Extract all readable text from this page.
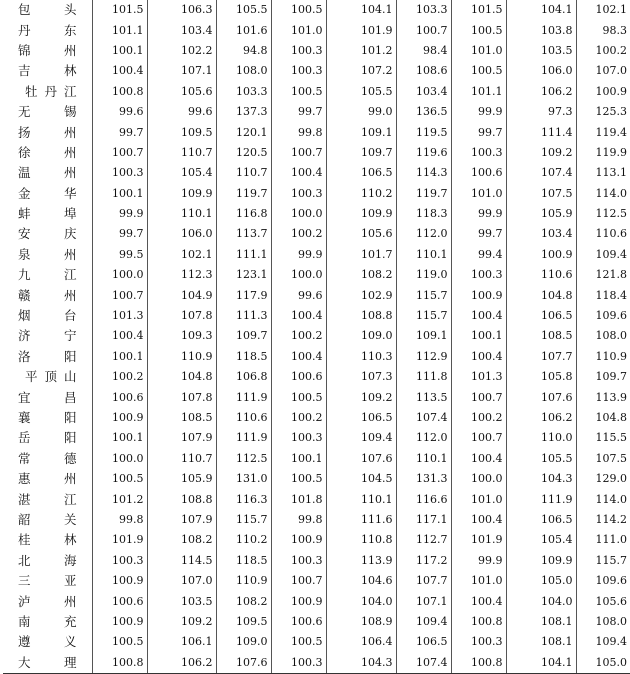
包 头	101.5	106.3	105.5	100.5	104.1	103.3	101.5	104.1	102.1

丹 东	101.1	103.4	101.6	101.0	101.9	100.7	100.5	103.8	98.3

锦 州	100.1	102.2	94.8	100.3	101.2	98.4	101.0	103.5	100.2

吉 林	100.4	107.1	108.0	100.3	107.2	108.6	100.5	106.0	107.0

牡 丹 江	100.8	105.6	103.3	100.5	105.5	103.4	101.1	106.2	100.9

无 锡	99.6	99.6	137.3	99.7	99.0	136.5	99.9	97.3	125.3

扬 州	99.7	109.5	120.1	99.8	109.1	119.5	99.7	111.4	119.4

徐 州	100.7	110.7	120.5	100.7	109.7	119.6	100.3	109.2	119.9

温 州	100.3	105.4	110.7	100.4	106.5	114.3	100.6	107.4	113.1

金 华	100.1	109.9	119.7	100.3	110.2	119.7	101.0	107.5	114.0

蚌 埠	99.9	110.1	116.8	100.0	109.9	118.3	99.9	105.9	112.5

安 庆	99.7	106.0	113.7	100.2	105.6	112.0	99.7	103.4	110.6

泉 州	99.5	102.1	111.1	99.9	101.7	110.1	99.4	100.9	109.4

九 江	100.0	112.3	123.1	100.0	108.2	119.0	100.3	110.6	121.8

赣 州	100.7	104.9	117.9	99.6	102.9	115.7	100.9	104.8	118.4

烟 台	101.3	107.8	111.3	100.4	108.8	115.7	100.4	106.5	109.6

济 宁	100.4	109.3	109.7	100.2	109.0	109.1	100.1	108.5	108.0

洛 阳	100.1	110.9	118.5	100.4	110.3	112.9	100.4	107.7	110.9

平 顶 山	100.2	104.8	106.8	100.6	107.3	111.8	101.3	105.8	109.7

宜 昌	100.6	107.8	111.9	100.5	109.2	113.5	100.7	107.6	113.9

襄 阳	100.9	108.5	110.6	100.2	106.5	107.4	100.2	106.2	104.8

岳 阳	100.1	107.9	111.9	100.3	109.4	112.0	100.7	110.0	115.5

常 德	100.0	110.7	112.5	100.1	107.6	110.1	100.4	105.5	107.5

惠 州	100.5	105.9	131.0	100.5	104.5	131.3	100.0	104.3	129.0

湛 江	101.2	108.8	116.3	101.8	110.1	116.6	101.0	111.9	114.0

韶 关	99.8	107.9	115.7	99.8	111.6	117.1	100.4	106.5	114.2

桂 林	101.9	108.2	110.2	100.9	110.8	112.7	101.9	105.4	111.0

北 海	100.3	114.5	118.5	100.3	113.9	117.2	99.9	109.9	115.7

三 亚	100.9	107.0	110.9	100.7	104.6	107.7	101.0	105.0	109.6

泸 州	100.6	103.5	108.2	100.9	104.0	107.1	100.4	104.0	105.6

南 充	100.9	109.2	109.5	100.6	108.9	109.4	100.8	108.1	108.0

遵 义	100.5	106.1	109.0	100.5	106.4	106.5	100.3	108.1	109.4

大 理	100.8	106.2	107.6	100.3	104.3	107.4	100.8	104.1	105.0
